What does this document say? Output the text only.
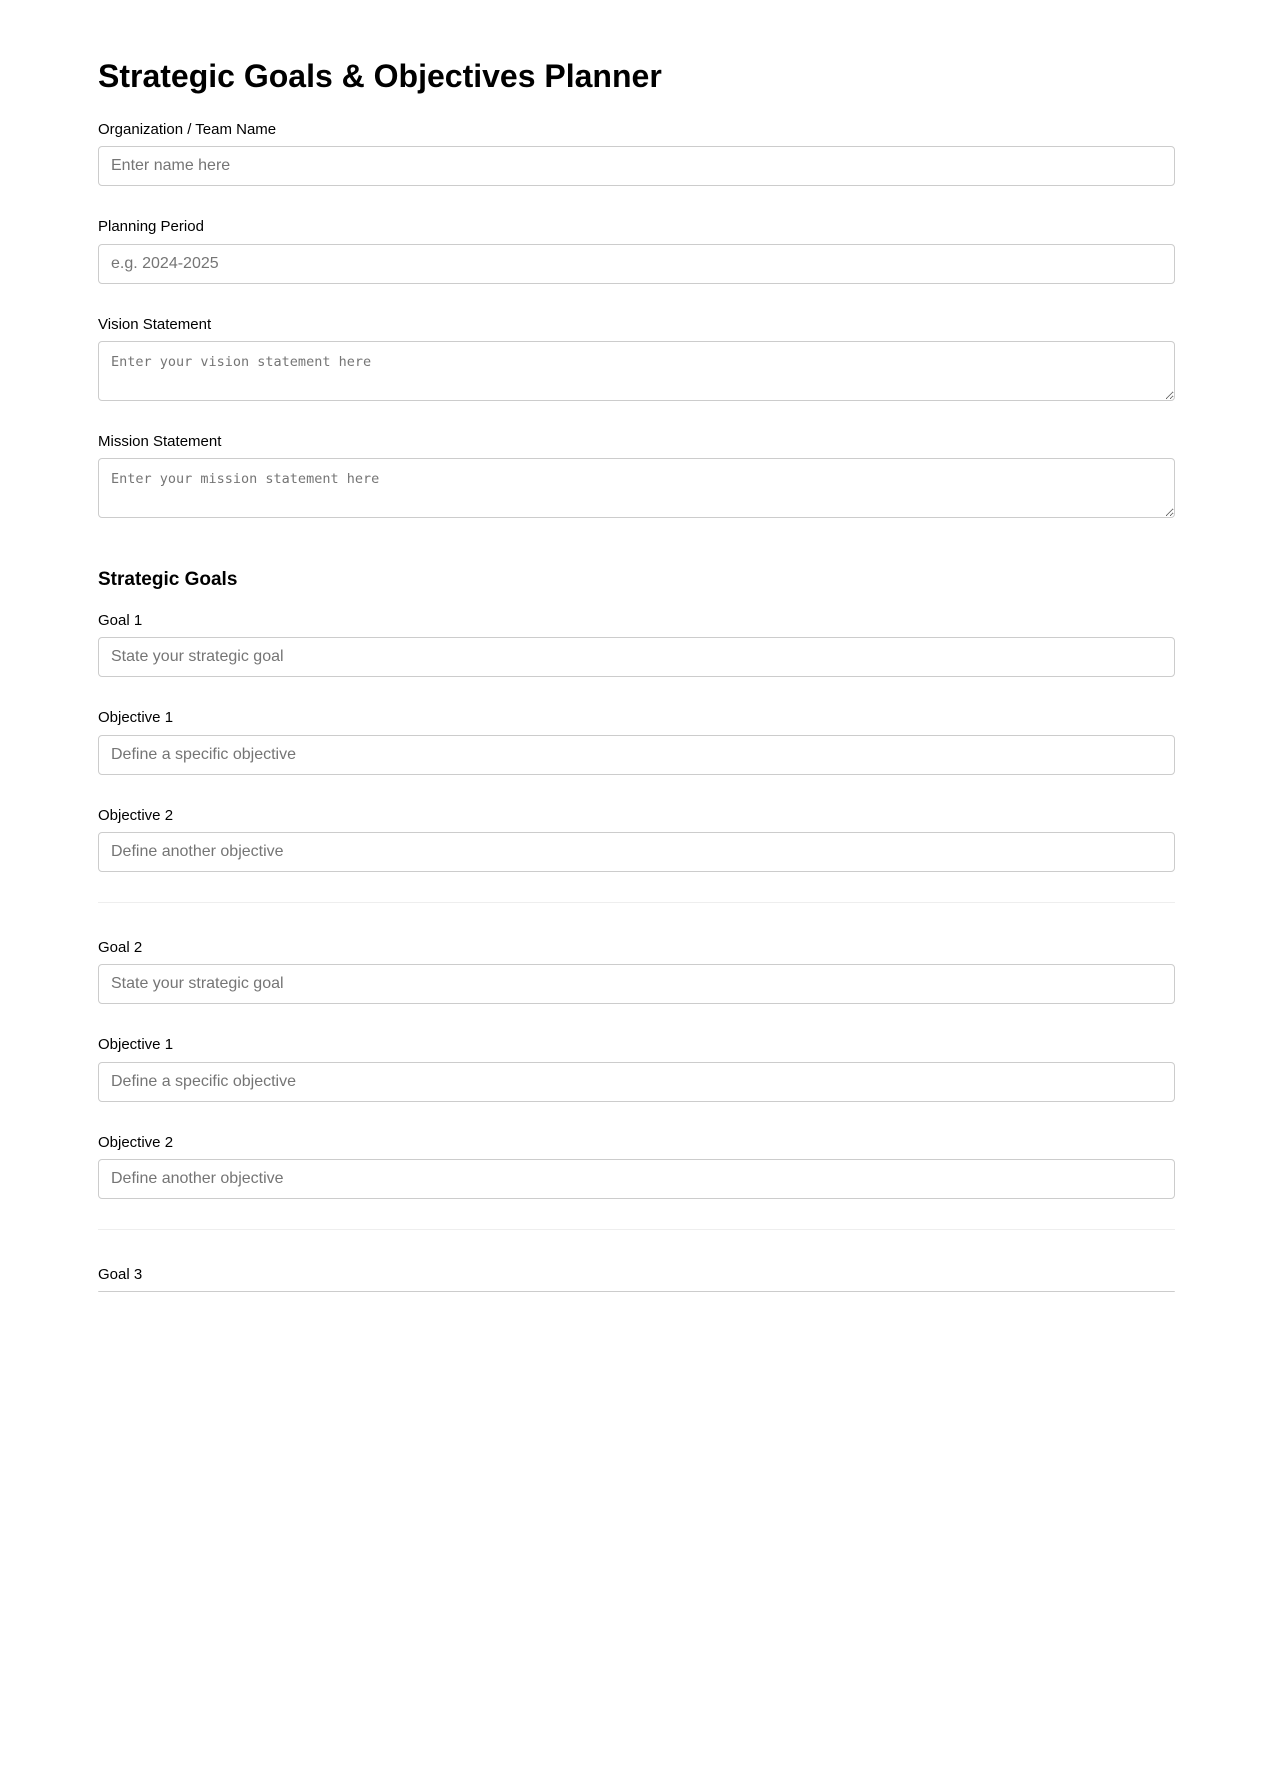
Strategic Goals & Objectives Planner
Organization / Team Name
Enter name here
Planning Period
e.g. 2024-2025
Vision Statement
Enter your vision statement here
Mission Statement
Enter your mission statement here
Strategic Goals
Goal 1
State your strategic goal
Objective 1
Define a specific objective
Objective 2
Define another objective
Goal 2
State your strategic goal
Objective 1
Define a specific objective
Objective 2
Define another objective
Goal 3
